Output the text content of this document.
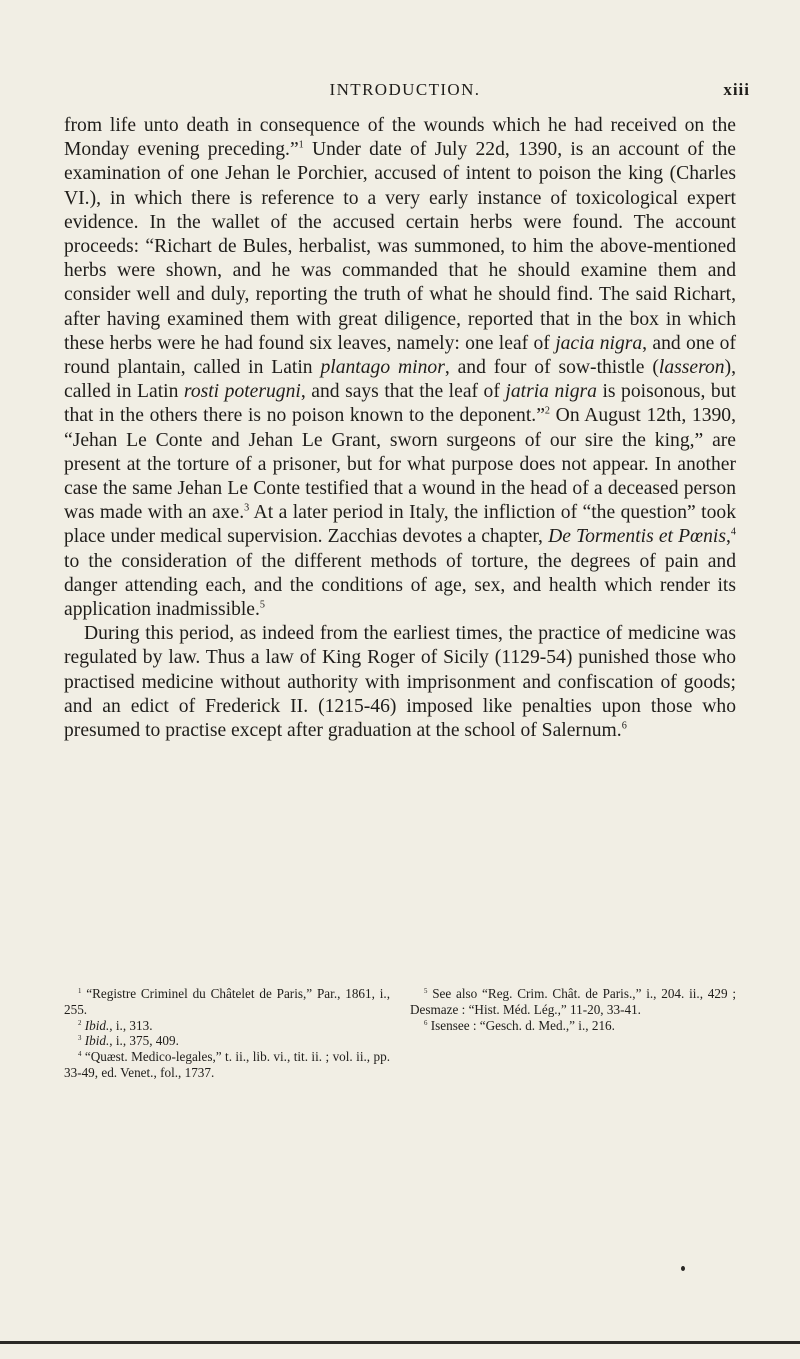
INTRODUCTION.	xiii

from life unto death in consequence of the wounds which he had received on the Monday evening preceding.”$^1$ Under date of July 22d, 1390, is an account of the examination of one Jehan le Porchier, accused of intent to poison the king (Charles VI.), in which there is reference to a very early instance of toxicological expert evidence. In the wallet of the accused certain herbs were found. The account proceeds: “Richart de Bules, herbalist, was summoned, to him the above-mentioned herbs were shown, and he was commanded that he should examine them and consider well and duly, reporting the truth of what he should find. The said Richart, after having examined them with great diligence, reported that in the box in which these herbs were he had found six leaves, namely: one leaf of jacia nigra, and one of round plantain, called in Latin plantago minor, and four of sow-thistle (lasseron), called in Latin rosti poterugni, and says that the leaf of jatria nigra is poisonous, but that in the others there is no poison known to the deponent.”$^2$ On August 12th, 1390, “Jehan Le Conte and Jehan Le Grant, sworn surgeons of our sire the king,” are present at the torture of a prisoner, but for what purpose does not appear. In another case the same Jehan Le Conte testified that a wound in the head of a deceased person was made with an axe.$^3$ At a later period in Italy, the infliction of “the question” took place under medical supervision. Zacchias devotes a chapter, De Tormentis et Pœnis,$^4$ to the consideration of the different methods of torture, the degrees of pain and danger attending each, and the conditions of age, sex, and health which render its application inadmissible.$^5$

During this period, as indeed from the earliest times, the practice of medicine was regulated by law. Thus a law of King Roger of Sicily (1129-54) punished those who practised medicine without authority with imprisonment and confiscation of goods; and an edict of Frederick II. (1215-46) imposed like penalties upon those who presumed to practise except after graduation at the school of Salernum.$^6$

$^1$ “Registre Criminel du Châtelet de Paris,” Par., 1861, i., 255.

$^2$ Ibid., i., 313.

$^3$ Ibid., i., 375, 409.

$^4$ “Quæst. Medico-legales,” t. ii., lib. vi., tit. ii. ; vol. ii., pp. 33-49, ed. Venet., fol., 1737.

$^5$ See also “Reg. Crim. Chât. de Paris.,” i., 204. ii., 429 ; Desmaze : “Hist. Méd. Lég.,” 11-20, 33-41.

$^6$ Isensee : “Gesch. d. Med.,” i., 216.
